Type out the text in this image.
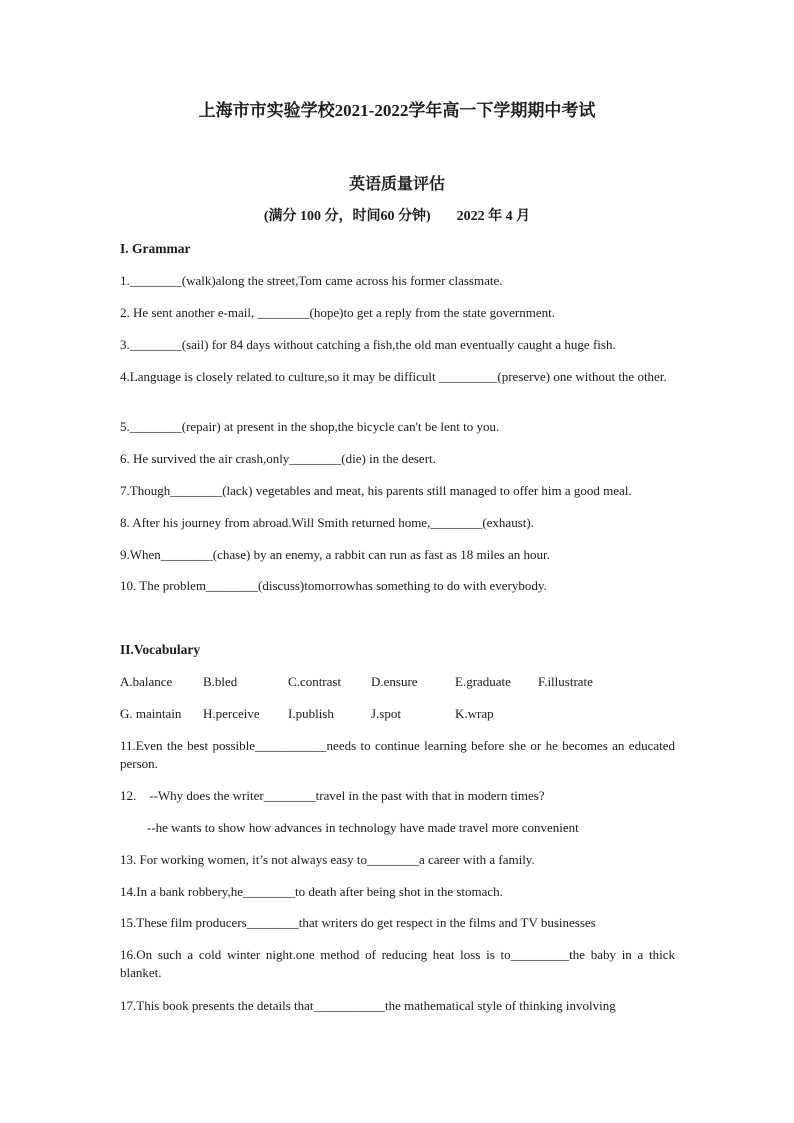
上海市市实验学校2021-2022学年高一下学期期中考试
英语质量评估
(满分 100 分，时间60 分钟) 2022 年 4 月
I. Grammar
1.________(walk)along the street,Tom came across his former classmate.
2. He sent another e-mail, ________(hope)to get a reply from the state government.
3.________(sail) for 84 days without catching a fish,the old man eventually caught a huge fish.
4.Language is closely related to culture,so it may be difficult _________(preserve) one without the other.
5.________(repair) at present in the shop,the bicycle can't be lent to you.
6. He survived the air crash,only________(die) in the desert.
7.Though________(lack) vegetables and meat, his parents still managed to offer him a good meal.
8. After his journey from abroad.Will Smith returned home,________(exhaust).
9.When________(chase) by an enemy, a rabbit can run as fast as 18 miles an hour.
10. The problem________(discuss)tomorrowhas something to do with everybody.
II.Vocabulary
A.balance B.bled	C.contrast D.ensure	E.graduate F.illustrate
G. maintain H.perceive I.publish	J.spot	K.wrap
11.Even the best possible___________needs to continue learning before she or he becomes an educated person.
12.    --Why does the writer________travel in the past with that in modern times?
--he wants to show how advances in technology have made travel more convenient
13. For working women, it’s not always easy to________a career with a family.
14.In a bank robbery,he________to death after being shot in the stomach.
15.These film producers________that writers do get respect in the films and TV businesses
16.On such a cold winter night.one method of reducing heat loss is to_________the baby in a thick blanket.
17.This book presents the details that___________the mathematical style of thinking involving
